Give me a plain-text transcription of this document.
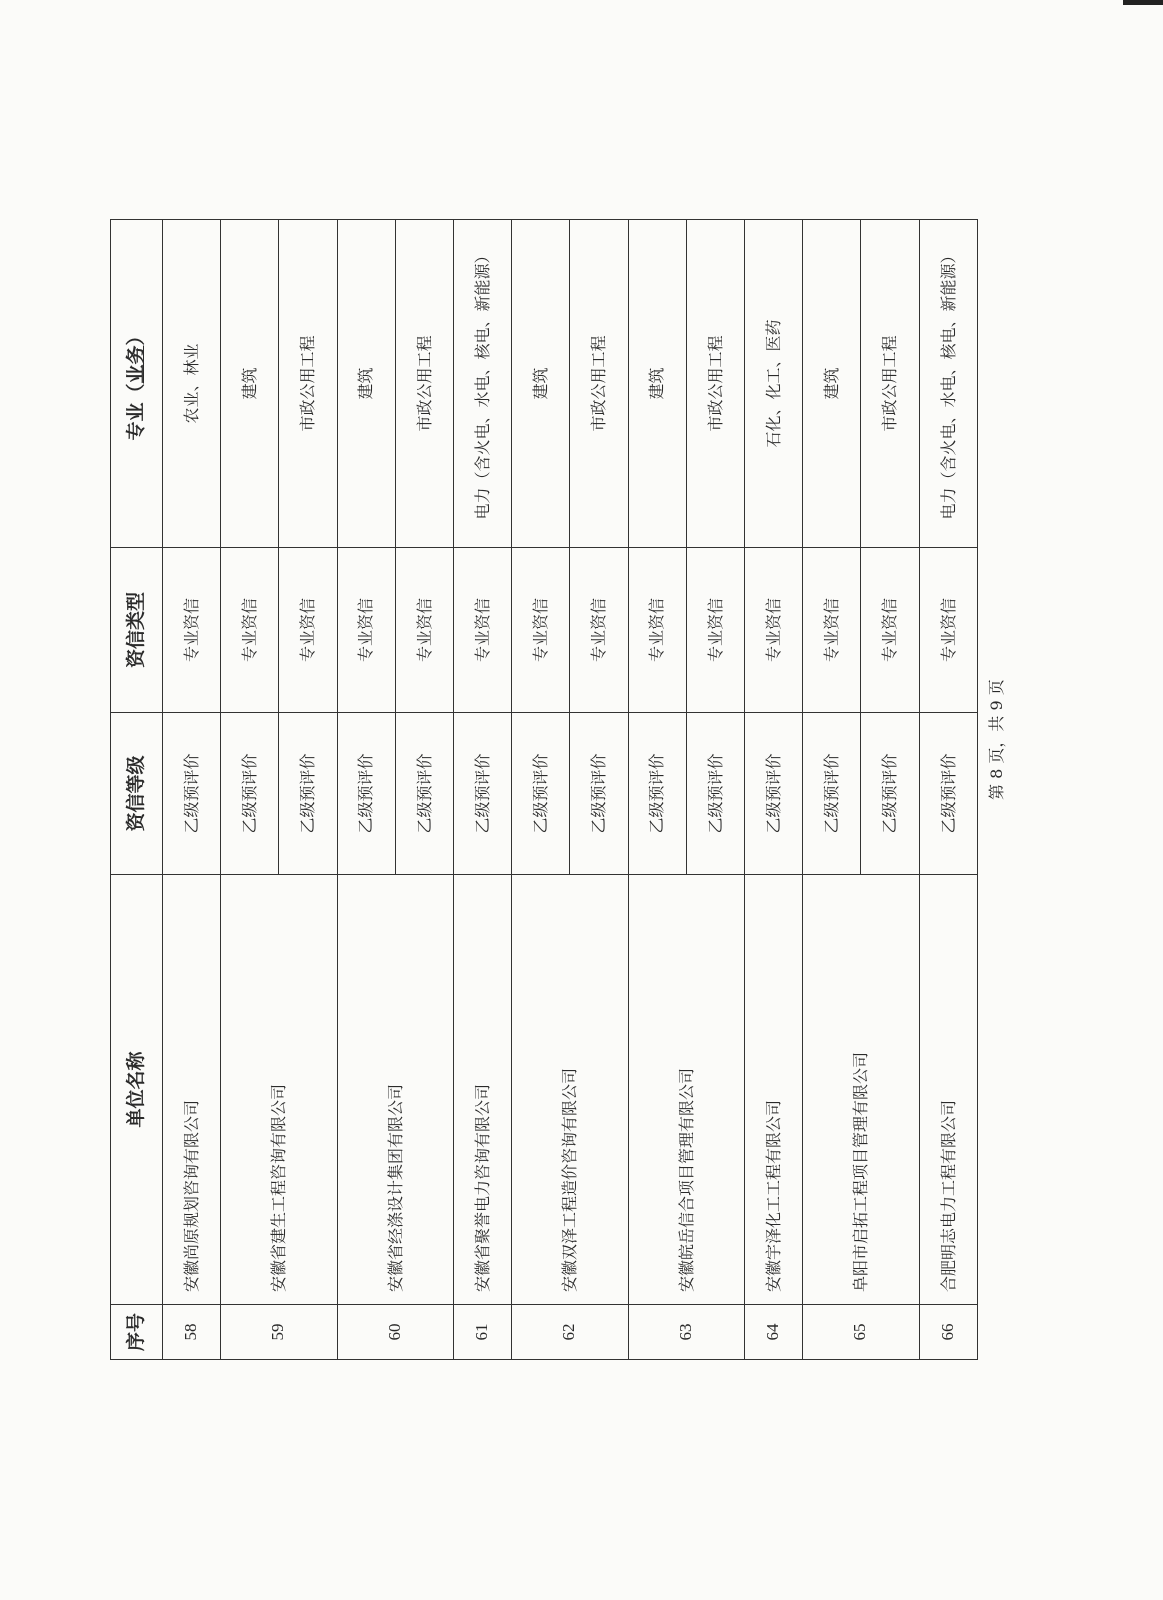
序号	单位名称	资信等级	资信类型	专业（业务）
58	安徽尚原规划咨询有限公司	乙级预评价	专业资信	农业、林业
59	安徽省建生工程咨询有限公司	乙级预评价	专业资信	建筑
		乙级预评价	专业资信	市政公用工程
60	安徽省经涤设计集团有限公司	乙级预评价	专业资信	建筑
		乙级预评价	专业资信	市政公用工程
61	安徽省聚誉电力咨询有限公司	乙级预评价	专业资信	电力（含火电、水电、核电、新能源）
62	安徽双泽工程造价咨询有限公司	乙级预评价	专业资信	建筑
		乙级预评价	专业资信	市政公用工程
63	安徽皖岳信合项目管理有限公司	乙级预评价	专业资信	建筑
		乙级预评价	专业资信	市政公用工程
64	安徽宇泽化工工程有限公司	乙级预评价	专业资信	石化、化工、医药
65	阜阳市启拓工程项目管理有限公司	乙级预评价	专业资信	建筑
		乙级预评价	专业资信	市政公用工程
66	合肥明志电力工程有限公司	乙级预评价	专业资信	电力（含火电、水电、核电、新能源）
第 8 页，共 9 页
